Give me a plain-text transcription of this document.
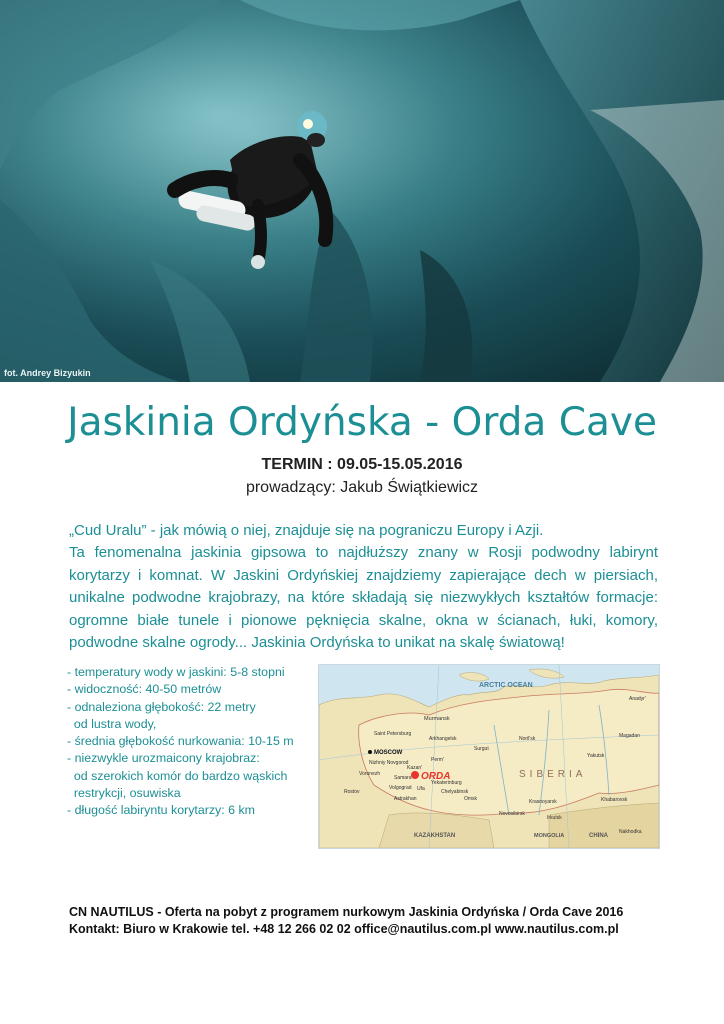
fot. Andrey Bizyukin
Jaskinia Ordyńska - Orda Cave
TERMIN : 09.05-15.05.2016
prowadzący: Jakub Świątkiewicz

„Cud Uralu” - jak mówią o niej, znajduje się na pograniczu Europy i Azji.

Ta fenomenalna jaskinia gipsowa to najdłuższy znany w Rosji podwodny labirynt korytarzy i komnat. W Jaskini Ordyńskiej znajdziemy zapierające dech w piersiach, unikalne podwodne krajobrazy, na które składają się niezwykłych kształtów formacje: ogromne białe tunele i pionowe pęknięcia skalne, okna w ścianach, łuki, komory, podwodne skalne ogrody... Jaskinia Ordyńska to unikat na skalę światową!

- temperatury wody w jaskini: 5-8 stopni
- widoczność: 40-50 metrów
- odnaleziona głębokość: 22 metry
od lustra wody,
- średnia głębokość nurkowania: 10-15 m
- niezwykle urozmaicony krajobraz:
od szerokich komór do bardzo wąskich
restrykcji, osuwiska
- długość labiryntu korytarzy: 6 km
ARCTIC OCEAN
SIBERIA
Murmansk
Saint Petersburg
Arkhangelsk
MOSCOW
Nizhniy Novgorod
Kazan'
Perm'
Voronezh
Samara
Volgograd
Rostov
Astrakhan
Ufa
Yekaterinburg
Chelyabinsk
Surgut
Omsk
Novosibirsk
Krasnoyarsk
Irkutsk
Noril'sk
Yakutsk
Magadan
Anadyr'
Khabarovsk
Nakhodka
KAZAKHSTAN	CHINA
MONGOLIA
ORDA
CN NAUTILUS - Oferta na pobyt z programem nurkowym Jaskinia Ordyńska / Orda Cave 2016
Kontakt: Biuro w Krakowie tel. +48 12 266 02 02 office@nautilus.com.pl www.nautilus.com.pl
